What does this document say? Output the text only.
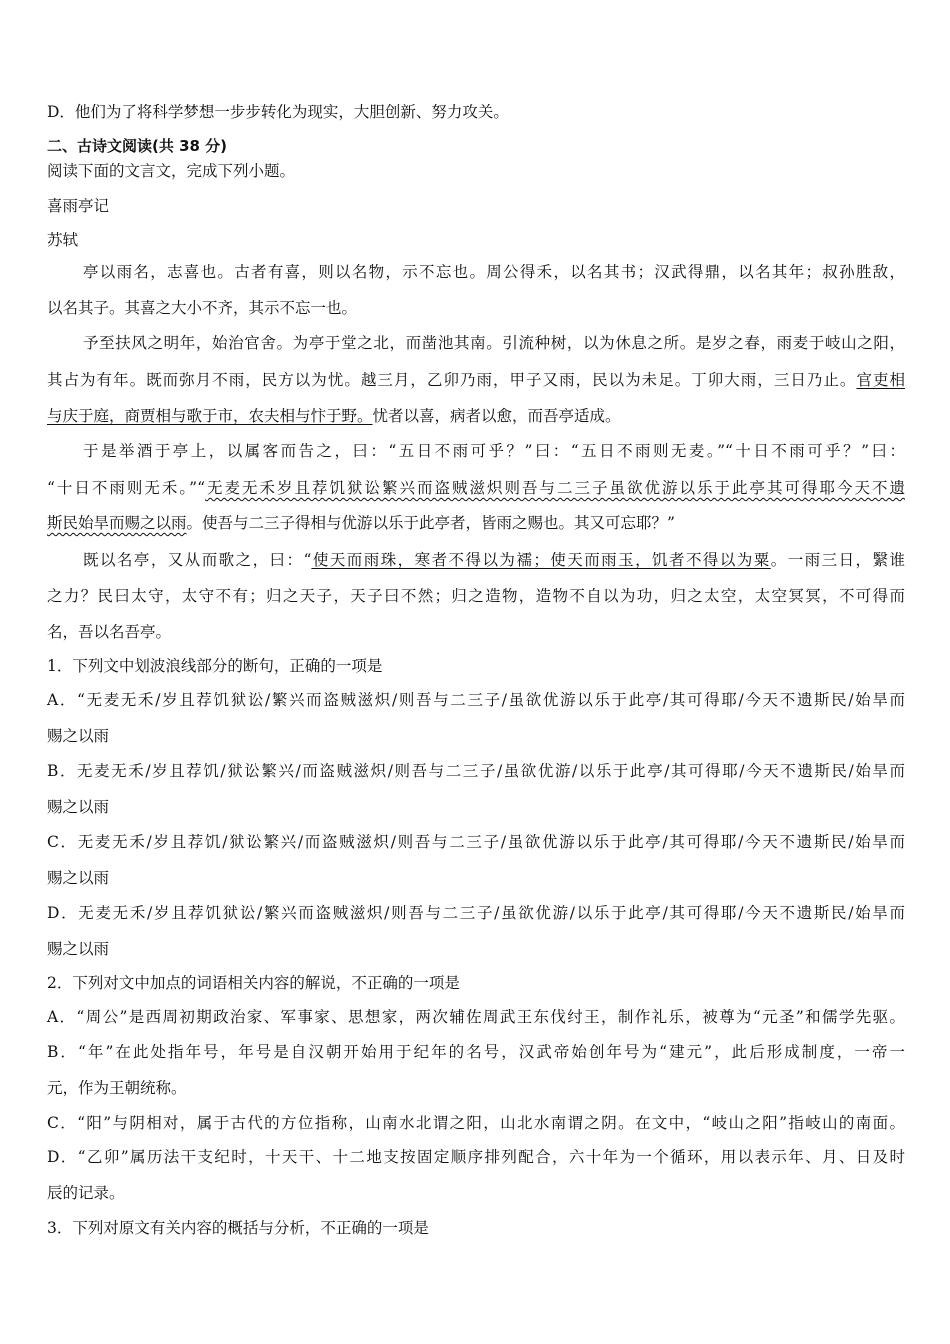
D．他们为了将科学梦想一步步转化为现实，大胆创新、努力攻关。
二、古诗文阅读(共 38 分)
阅读下面的文言文，完成下列小题。
喜雨亭记
苏轼
亭以雨名，志喜也。古者有喜，则以名物，示不忘也。周公得禾，以名其书；汉武得鼎，以名其年；叔孙胜敌，
以名其子。其喜之大小不齐，其示不忘一也。
予至扶风之明年，始治官舍。为亭于堂之北，而凿池其南。引流种树，以为休息之所。是岁之春，雨麦于岐山之阳，
其占为有年。既而弥月不雨，民方以为忧。越三月，乙卯乃雨，甲子又雨，民以为未足。丁卯大雨，三日乃止。官吏相
与庆于庭，商贾相与歌于市，农夫相与忭于野。忧者以喜，病者以愈，而吾亭适成。
于是举酒于亭上，以属客而告之，曰：“五日不雨可乎？”曰：“五日不雨则无麦。”“十日不雨可乎？”曰：
“十日不雨则无禾。”“无麦无禾岁且荐饥狱讼繁兴而盗贼滋炽则吾与二三子虽欲优游以乐于此亭其可得耶今天不遗
斯民始旱而赐之以雨。使吾与二三子得相与优游以乐于此亭者，皆雨之赐也。其又可忘耶？”
既以名亭，又从而歌之，曰：“使天而雨珠，寒者不得以为襦；使天而雨玉，饥者不得以为粟。一雨三日，繄谁
之力？民曰太守，太守不有；归之天子，天子曰不然；归之造物，造物不自以为功，归之太空，太空冥冥，不可得而
名，吾以名吾亭。
1．下列文中划波浪线部分的断句，正确的一项是
A．“无麦无禾/岁且荐饥狱讼/繁兴而盗贼滋炽/则吾与二三子/虽欲优游以乐于此亭/其可得耶/今天不遗斯民/始旱而
赐之以雨
B．无麦无禾/岁且荐饥/狱讼繁兴/而盗贼滋炽/则吾与二三子/虽欲优游/以乐于此亭/其可得耶/今天不遗斯民/始旱而
赐之以雨
C．无麦无禾/岁且荐饥/狱讼繁兴/而盗贼滋炽/则吾与二三子/虽欲优游以乐于此亭/其可得耶/今天不遗斯民/始旱而
赐之以雨
D．无麦无禾/岁且荐饥狱讼/繁兴而盗贼滋炽/则吾与二三子/虽欲优游/以乐于此亭/其可得耶/今天不遗斯民/始旱而
赐之以雨
2．下列对文中加点的词语相关内容的解说，不正确的一项是
A．“周公”是西周初期政治家、军事家、思想家，两次辅佐周武王东伐纣王，制作礼乐，被尊为“元圣”和儒学先驱。
B．“年”在此处指年号，年号是自汉朝开始用于纪年的名号，汉武帝始创年号为“建元”，此后形成制度，一帝一
元，作为王朝统称。
C．“阳”与阴相对，属于古代的方位指称，山南水北谓之阳，山北水南谓之阴。在文中，“岐山之阳”指岐山的南面。
D．“乙卯”属历法干支纪时，十天干、十二地支按固定顺序排列配合，六十年为一个循环，用以表示年、月、日及时
辰的记录。
3．下列对原文有关内容的概括与分析，不正确的一项是
